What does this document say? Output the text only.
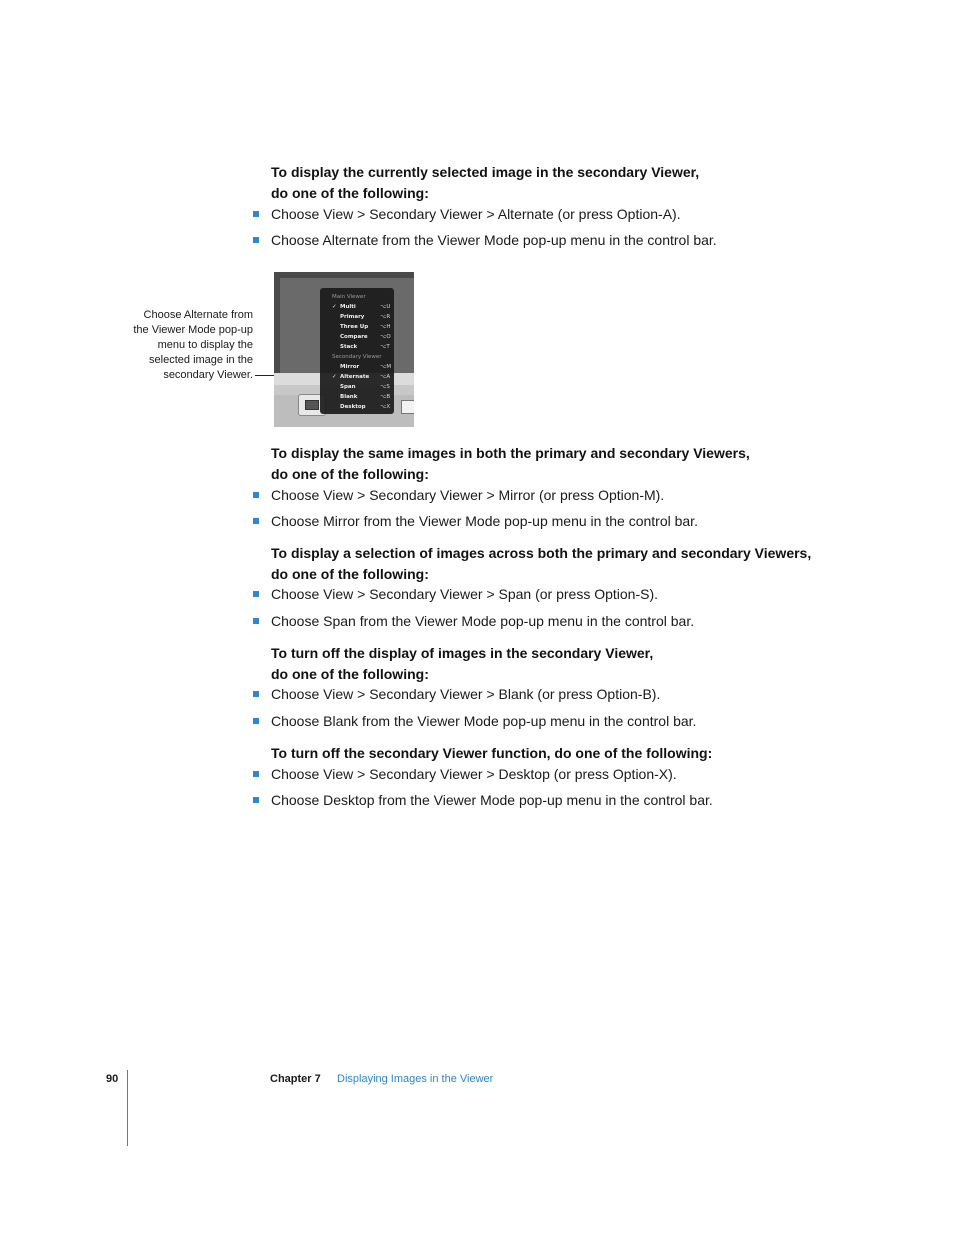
To display the currently selected image in the secondary Viewer,
do one of the following:
Choose View > Secondary Viewer > Alternate (or press Option-A).
Choose Alternate from the Viewer Mode pop-up menu in the control bar.
Choose Alternate from
the Viewer Mode pop-up
menu to display the
selected image in the
secondary Viewer.
Main Viewer
✓ Multi	⌥U
Primary	⌥R
Three Up ⌥H
Compare ⌥O
Stack	⌥T
Secondary Viewer
Mirror	⌥M
✓ Alternate ⌥A
Span	⌥S
Blank	⌥B
Desktop	⌥X
To display the same images in both the primary and secondary Viewers,
do one of the following:
Choose View > Secondary Viewer > Mirror (or press Option-M).
Choose Mirror from the Viewer Mode pop-up menu in the control bar.
To display a selection of images across both the primary and secondary Viewers,
do one of the following:
Choose View > Secondary Viewer > Span (or press Option-S).
Choose Span from the Viewer Mode pop-up menu in the control bar.
To turn off the display of images in the secondary Viewer,
do one of the following:
Choose View > Secondary Viewer > Blank (or press Option-B).
Choose Blank from the Viewer Mode pop-up menu in the control bar.
To turn off the secondary Viewer function, do one of the following:
Choose View > Secondary Viewer > Desktop (or press Option-X).
Choose Desktop from the Viewer Mode pop-up menu in the control bar.
90	Chapter 7 Displaying Images in the Viewer
